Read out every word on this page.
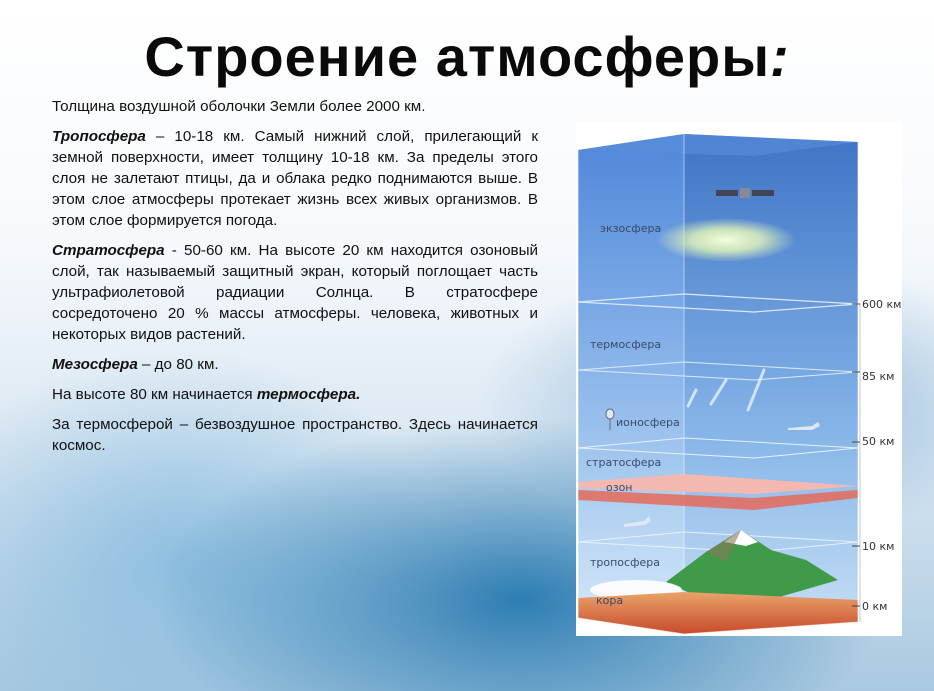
Строение атмосферы:

Толщина воздушной оболочки Земли более 2000 км.

Тропосфера – 10-18 км. Самый нижний слой, прилегающий к земной поверхности, имеет толщину 10-18 км. За пределы этого слоя не залетают птицы, да и облака редко поднимаются выше. В этом слое атмосферы протекает жизнь всех живых организмов. В этом слое формируется погода.

Стратосфера - 50-60 км. На высоте 20 км находится озоновый слой, так называемый защитный экран, который поглощает часть ультрафиолетовой радиации Солнца. В стратосфере сосредоточено 20 % массы атмосферы. человека, животных и некоторых видов растений.

Мезосфера – до 80 км.

На высоте 80 км начинается термосфера.

За термосферой – безвоздушное пространство. Здесь начинается космос.

экзосфера
термосфера
ионосфера
стратосфера
озон
тропосфера
кора
600 км
85 км
50 км
10 км
0 км
